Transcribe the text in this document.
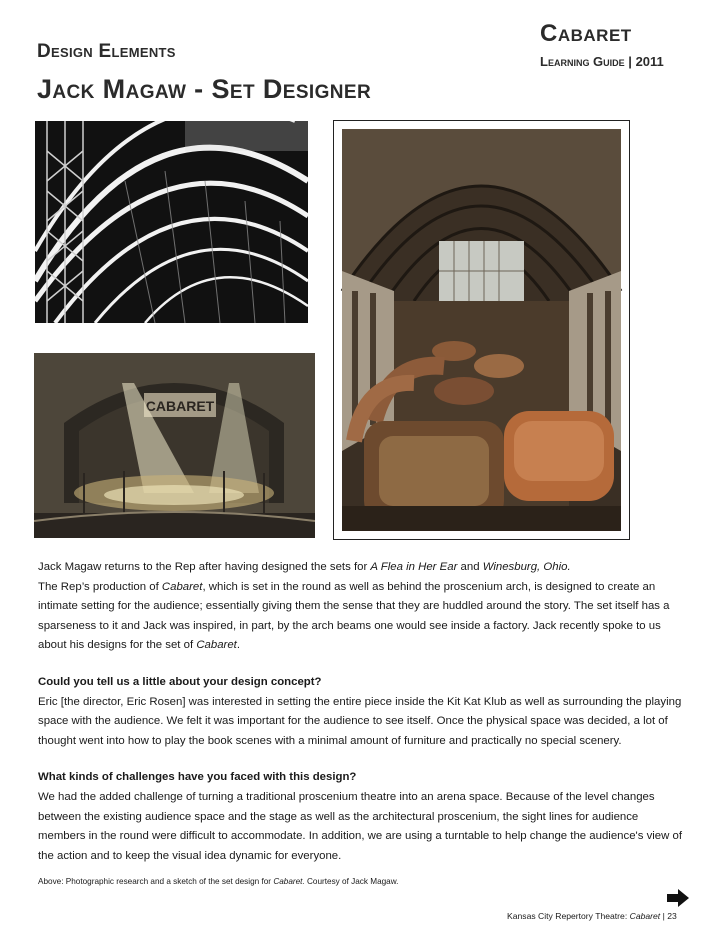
Cabaret
Learning Guide | 2011
Design Elements
Jack Magaw - Set Designer
CABARET

Jack Magaw returns to the Rep after having designed the sets for A Flea in Her Ear and Winesburg, Ohio.
The Rep’s production of Cabaret, which is set in the round as well as behind the proscenium arch, is designed to create an intimate setting for the audience; essentially giving them the sense that they are huddled around the story. The set itself has a sparseness to it and Jack was inspired, in part, by the arch beams one would see inside a factory. Jack recently spoke to us about his designs for the set of Cabaret.

Could you tell us a little about your design concept?
Eric [the director, Eric Rosen] was interested in setting the entire piece inside the Kit Kat Klub as well as surrounding the playing space with the audience. We felt it was important for the audience to see itself. Once the physical space was decided, a lot of thought went into how to play the book scenes with a minimal amount of furniture and practically no special scenery.

What kinds of challenges have you faced with this design?
We had the added challenge of turning a traditional proscenium theatre into an arena space. Because of the level changes between the existing audience space and the stage as well as the architectural proscenium, the sight lines for audience members in the round were difficult to accommodate. In addition, we are using a turntable to help change the audience's view of the action and to keep the visual idea dynamic for everyone.

Above: Photographic research and a sketch of the set design for Cabaret. Courtesy of Jack Magaw.
Kansas City Repertory Theatre: Cabaret | 23
